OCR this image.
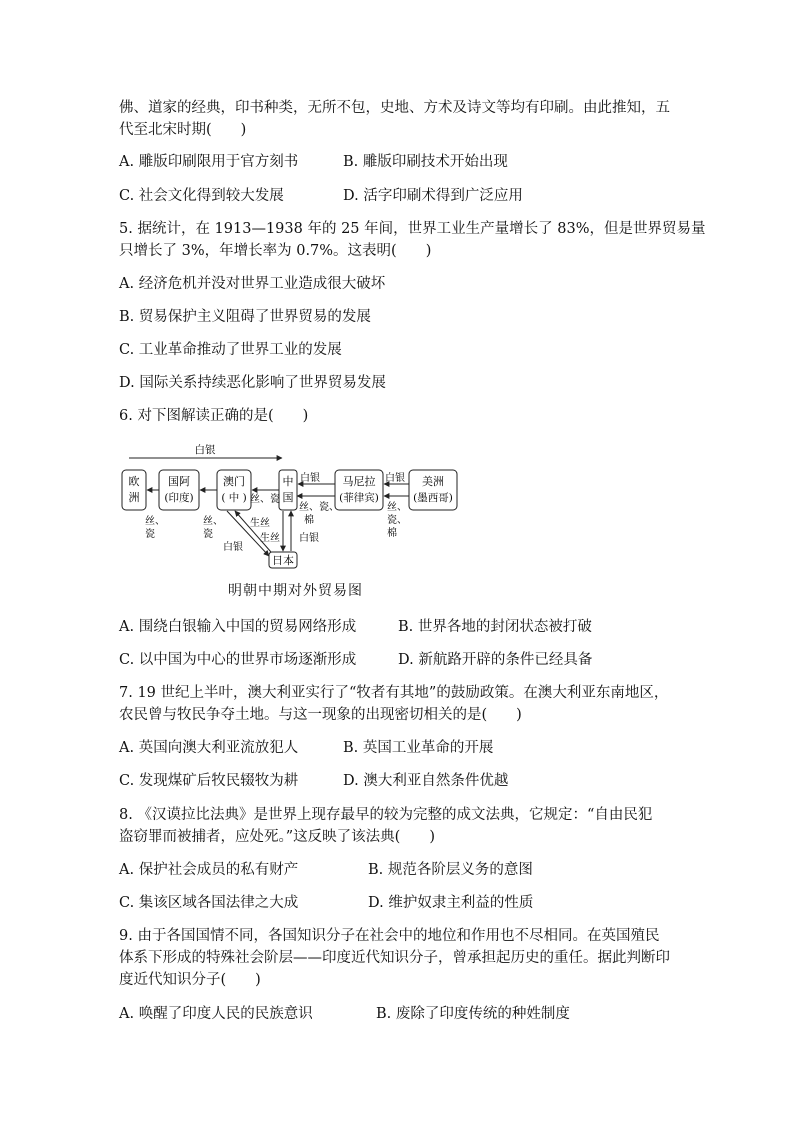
佛、道家的经典，印书种类，无所不包，史地、方术及诗文等均有印刷。由此推知，五
代至北宋时期(　　)
A. 雕版印刷限用于官方刻书	B. 雕版印刷技术开始出现
C. 社会文化得到较大发展	D. 活字印刷术得到广泛应用
5. 据统计，在 1913—1938 年的 25 年间，世界工业生产量增长了 83%，但是世界贸易量
只增长了 3%，年增长率为 0.7%。这表明(　　)
A. 经济危机并没对世界工业造成很大破坏
B. 贸易保护主义阻碍了世界贸易的发展
C. 工业革命推动了世界工业的发展
D. 国际关系持续恶化影响了世界贸易发展
6. 对下图解读正确的是(　　)
白银
欧
洲
国阿
(印度)
澳门
( 中 )
中
国
马尼拉
(菲律宾)
美洲
(墨西哥)
日本
丝、
瓷
丝、
瓷
丝、瓷
丝、瓷、
棉
丝、
瓷、
棉
白银	白银
生丝
生丝
白银
白银
明朝中期对外贸易图
A. 围绕白银输入中国的贸易网络形成	B. 世界各地的封闭状态被打破
C. 以中国为中心的世界市场逐渐形成	D. 新航路开辟的条件已经具备
7. 19 世纪上半叶，澳大利亚实行了“牧者有其地”的鼓励政策。在澳大利亚东南地区，
农民曾与牧民争夺土地。与这一现象的出现密切相关的是(　　)
A. 英国向澳大利亚流放犯人	B. 英国工业革命的开展
C. 发现煤矿后牧民辍牧为耕	D. 澳大利亚自然条件优越
8. 《汉谟拉比法典》是世界上现存最早的较为完整的成文法典，它规定：“自由民犯
盗窃罪而被捕者，应处死。”这反映了该法典(　　)
A. 保护社会成员的私有财产	B. 规范各阶层义务的意图
C. 集该区域各国法律之大成	D. 维护奴隶主利益的性质
9. 由于各国国情不同，各国知识分子在社会中的地位和作用也不尽相同。在英国殖民
体系下形成的特殊社会阶层——印度近代知识分子，曾承担起历史的重任。据此判断印
度近代知识分子(　　)
A. 唤醒了印度人民的民族意识	B. 废除了印度传统的种姓制度
